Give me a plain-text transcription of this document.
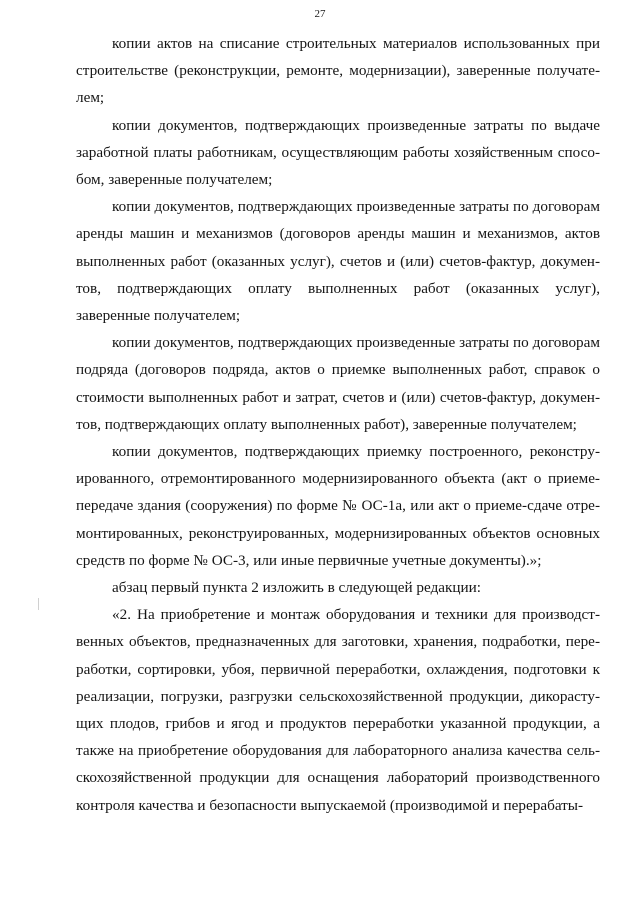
27

копии актов на списание строительных материалов использованных при строительстве (реконструкции, ремонте, модернизации), заверенные получателем;

копии документов, подтверждающих произведенные затраты по выдаче заработной платы работникам, осуществляющим работы хозяйственным способом, заверенные получателем;

копии документов, подтверждающих произведенные затраты по договорам аренды машин и механизмов (договоров аренды машин и механизмов, актов выполненных работ (оказанных услуг), счетов и (или) счетов-фактур, документов, подтверждающих оплату выполненных работ (оказанных услуг), заверенные получателем;

копии документов, подтверждающих произведенные затраты по договорам подряда (договоров подряда, актов о приемке выполненных работ, справок о стоимости выполненных работ и затрат, счетов и (или) счетов-фактур, документов, подтверждающих оплату выполненных работ), заверенные получателем;

копии документов, подтверждающих приемку построенного, реконструированного, отремонтированного модернизированного объекта (акт о приеме-передаче здания (сооружения) по форме № ОС-1а, или акт о приеме-сдаче отремонтированных, реконструированных, модернизированных объектов основных средств по форме № ОС-3, или иные первичные учетные документы).»;

абзац первый пункта 2 изложить в следующей редакции:

«2. На приобретение и монтаж оборудования и техники для производственных объектов, предназначенных для заготовки, хранения, подработки, переработки, сортировки, убоя, первичной переработки, охлаждения, подготовки к реализации, погрузки, разгрузки сельскохозяйственной продукции, дикорастущих плодов, грибов и ягод и продуктов переработки указанной продукции, а также на приобретение оборудования для лабораторного анализа качества сельскохозяйственной продукции для оснащения лабораторий производственного контроля качества и безопасности выпускаемой (производимой и перерабаты-
